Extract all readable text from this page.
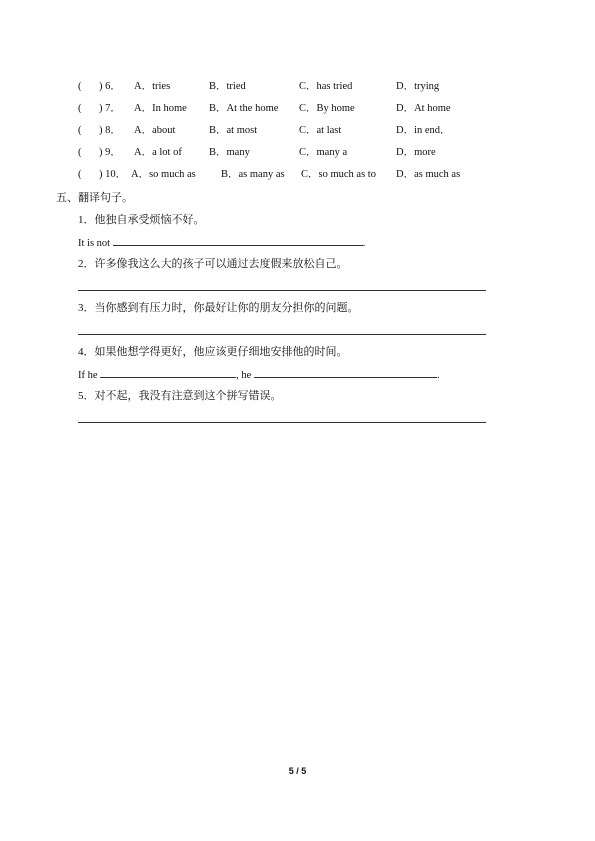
( ) 6． A．tries	B．tried	C．has tried	D．trying
( ) 7． A．In home B．At the home C．By home	D．At home
( ) 8． A．about	B．at most	C．at last	D．in end．
( ) 9． A．a lot of	B．many	C．many a	D．more
( ) 10． A．so much as B．as many as C．so much as to D．as much as
五、翻译句子。
1．他独自承受烦恼不好。
It is not	.
2．许多像我这么大的孩子可以通过去度假来放松自己。
3．当你感到有压力时，你最好让你的朋友分担你的问题。
4．如果他想学得更好，他应该更仔细地安排他的时间。
If he	, he	.
5．对不起，我没有注意到这个拼写错误。
5 / 5
